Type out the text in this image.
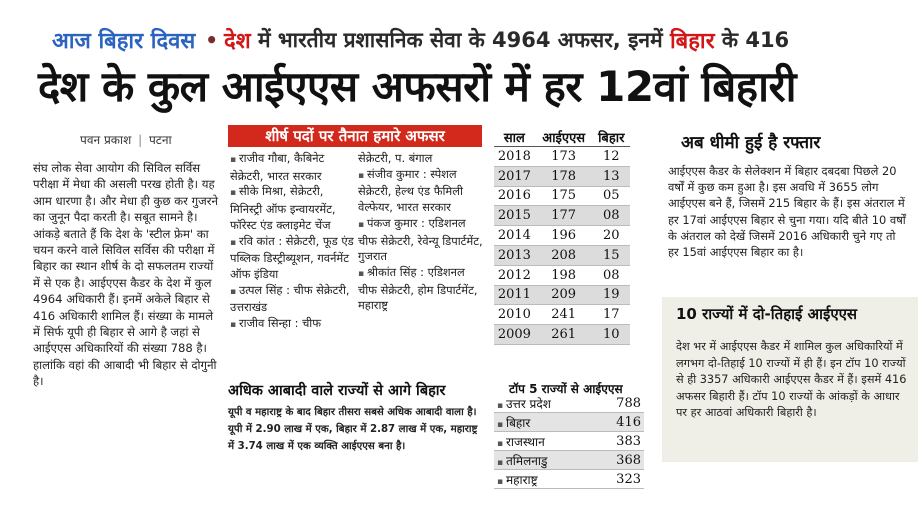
आज बिहार दिवस • देश में भारतीय प्रशासनिक सेवा के 4964 अफसर, इनमें बिहार के 416
देश के कुल आईएएस अफसरों में हर 12वां बिहारी
पवन प्रकाश | पटना

संघ लोक सेवा आयोग की सिविल सर्विस परीक्षा में मेधा की असली परख होती है। यह आम धारणा है। और मेधा ही कुछ कर गुजरने का जुनून पैदा करती है। सबूत सामने है। आंकड़े बताते हैं कि देश के 'स्टील फ्रेम' का चयन करने वाले सिविल सर्विस की परीक्षा में बिहार का स्थान शीर्ष के दो सफलतम राज्यों में से एक है। आईएएस कैडर के देश में कुल 4964 अधिकारी हैं। इनमें अकेले बिहार से 416 अधिकारी शामिल हैं। संख्या के मामले में सिर्फ यूपी ही बिहार से आगे है जहां से आईएएस अधिकारियों की संख्या 788 है। हालांकि वहां की आबादी भी बिहार से दोगुनी है।

शीर्ष पदों पर तैनात हमारे अफसर

▪ राजीव गौबा, कैबिनेट सेक्रेटरी, भारत सरकार

▪ सीके मिश्रा, सेक्रेटरी, मिनिस्ट्री ऑफ इन्वायरमेंट, फॉरेस्ट एंड क्लाइमेट चेंज

▪ रवि कांत : सेक्रेटरी, फूड एंड पब्लिक डिस्ट्रीब्यूशन, गवर्नमेंट ऑफ इंडिया

▪ उत्पल सिंह : चीफ सेक्रेटरी, उत्तराखंड

▪ राजीव सिन्हा : चीफ

सेक्रेटरी, प. बंगाल

▪ संजीव कुमार : स्पेशल सेक्रेटरी, हेल्थ एंड फैमिली वेल्फेयर, भारत सरकार

▪ पंकज कुमार : एडिशनल चीफ सेक्रेटरी, रेवेन्यू डिपार्टमेंट, गुजरात

▪ श्रीकांत सिंह : एडिशनल चीफ सेक्रेटरी, होम डिपार्टमेंट, महाराष्ट्र

अधिक आबादी वाले राज्यों से आगे बिहार
यूपी व महाराष्ट्र के बाद बिहार तीसरा सबसे अधिक आबादी वाला है। यूपी में 2.90 लाख में एक, बिहार में 2.87 लाख में एक, महाराष्ट्र में 3.74 लाख में एक व्यक्ति आईएएस बना है।
साल	आईएएस	बिहार
2018	173	12
2017	178	13
2016	175	05
2015	177	08
2014	196	20
2013	208	15
2012	198	08
2011	209	19
2010	241	17
2009	261	10
टॉप 5 राज्यों से आईएएस
▪ उत्तर प्रदेश	788
▪ बिहार	416
▪ राजस्थान	383
▪ तमिलनाडु	368
▪ महाराष्ट्र	323
अब धीमी हुई है रफ्तार
आईएएस कैडर के सेलेक्शन में बिहार दबदबा पिछले 20 वर्षों में कुछ कम हुआ है। इस अवधि में 3655 लोग आईएएस बने हैं, जिसमें 215 बिहार के हैं। इस अंतराल में हर 17वां आईएएस बिहार से चुना गया। यदि बीते 10 वर्षों के अंतराल को देखें जिसमें 2016 अधिकारी चुने गए तो हर 15वां आईएएस बिहार का है।
10 राज्यों में दो-तिहाई आईएएस
देश भर में आईएएस कैडर में शामिल कुल अधिकारियों में लगभग दो-तिहाई 10 राज्यों में ही हैं। इन टॉप 10 राज्यों से ही 3357 अधिकारी आईएएस कैडर में हैं। इसमें 416 अफसर बिहारी हैं। टॉप 10 राज्यों के आंकड़ों के आधार पर हर आठवां अधिकारी बिहारी है।
